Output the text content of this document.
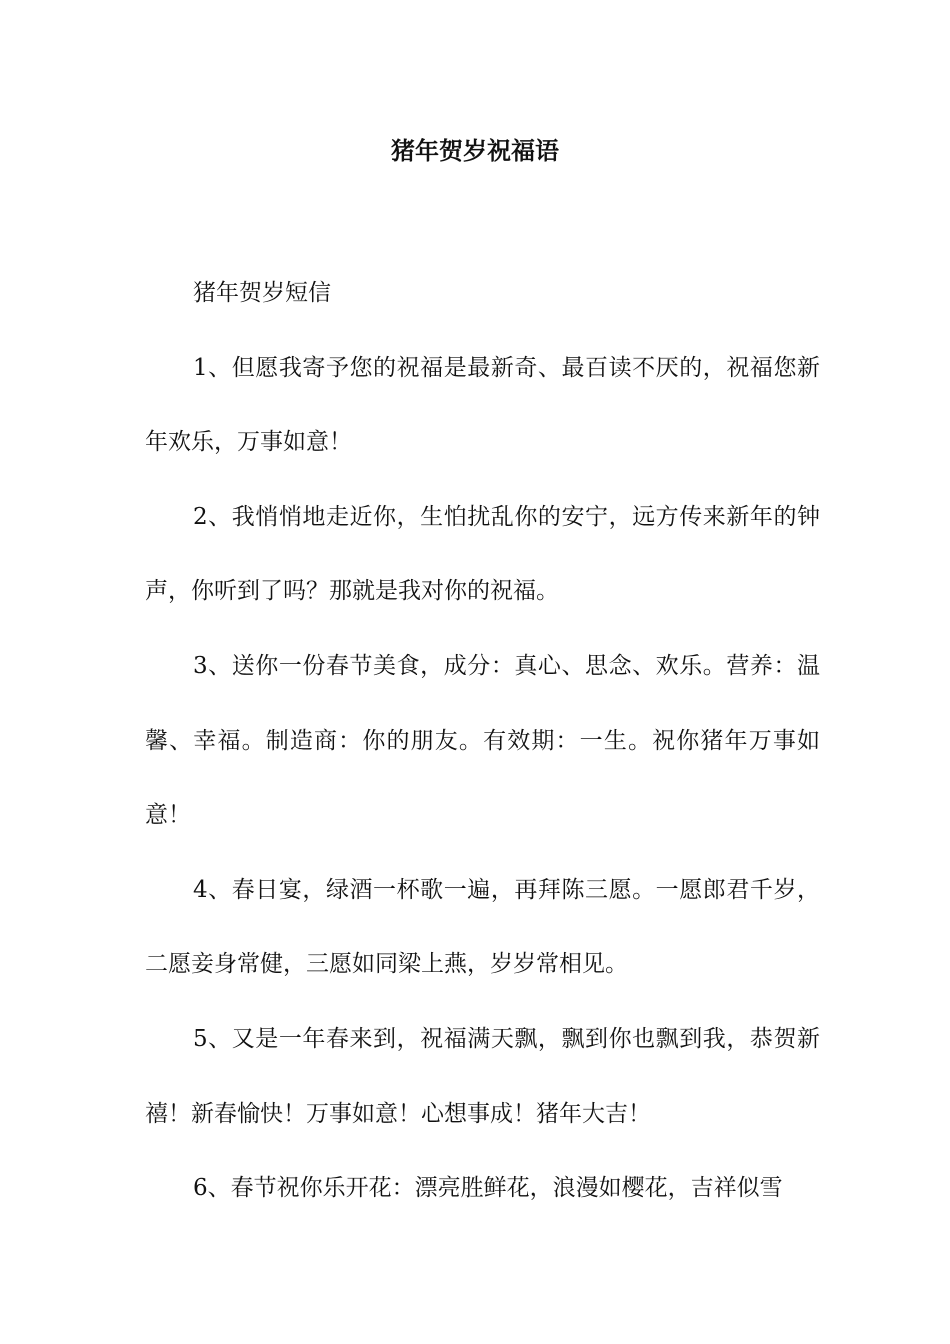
猪年贺岁祝福语

猪年贺岁短信

1、但愿我寄予您的祝福是最新奇、最百读不厌的，祝福您新年欢乐，万事如意！

2、我悄悄地走近你，生怕扰乱你的安宁，远方传来新年的钟声，你听到了吗？那就是我对你的祝福。

3、送你一份春节美食，成分：真心、思念、欢乐。营养：温馨、幸福。制造商：你的朋友。有效期：一生。祝你猪年万事如意！

4、春日宴，绿酒一杯歌一遍，再拜陈三愿。一愿郎君千岁，二愿妾身常健，三愿如同梁上燕，岁岁常相见。

5、又是一年春来到，祝福满天飘，飘到你也飘到我，恭贺新禧！新春愉快！万事如意！心想事成！猪年大吉！

6、春节祝你乐开花：漂亮胜鲜花，浪漫如樱花，吉祥似雪
